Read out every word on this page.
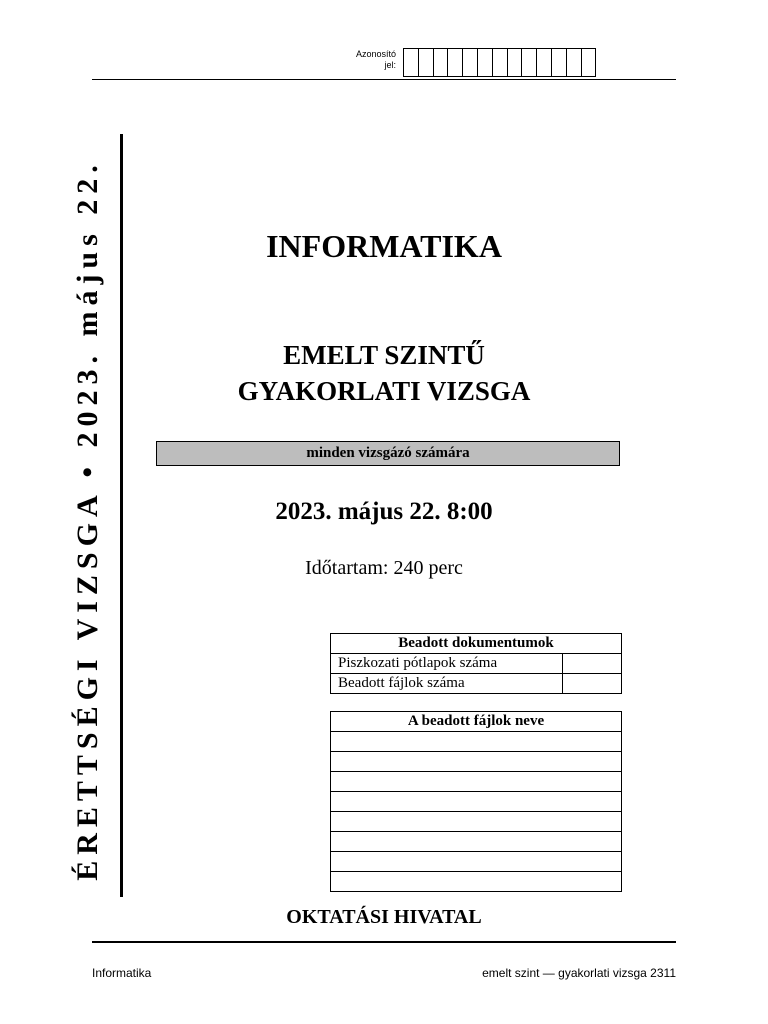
Azonosító
jel:
ÉRETTSÉGI VIZSGA • 2023. május 22.	INFORMATIKA
EMELT SZINTŰ
GYAKORLATI VIZSGA
minden vizsgázó számára
2023. május 22. 8:00
Időtartam: 240 perc
Beadott dokumentumok	
Piszkozati pótlapok száma	
Beadott fájlok száma	
A beadott fájlok neve

OKTATÁSI HIVATAL
Informatika	emelt szint — gyakorlati vizsga 2311
